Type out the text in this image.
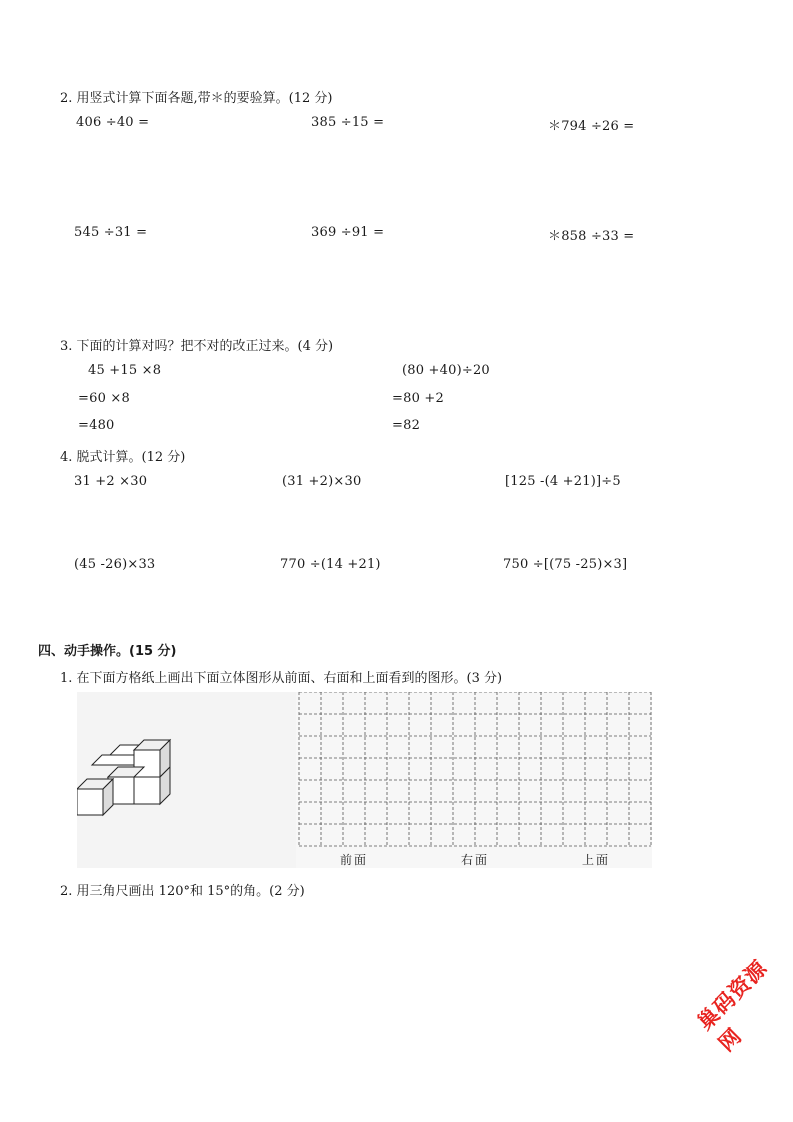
2. 用竖式计算下面各题,带＊的要验算。(12 分)
406 ÷40 =	385 ÷15 =	＊794 ÷26 =
545 ÷31 =	369 ÷91 =	＊858 ÷33 =
3. 下面的计算对吗？把不对的改正过来。(4 分)
45 +15 ×8
=60 ×8
=480
(80 +40)÷20
=80 +2
=82
4. 脱式计算。(12 分)
31 +2 ×30	(31 +2)×30	[125 -(4 +21)]÷5
(45 -26)×33	770 ÷(14 +21)	750 ÷[(75 -25)×3]
四、动手操作。(15 分)
1. 在下面方格纸上画出下面立体图形从前面、右面和上面看到的图形。(3 分)
前面	右面	上面
2. 用三角尺画出 120°和 15°的角。(2 分)
巢码资源网
